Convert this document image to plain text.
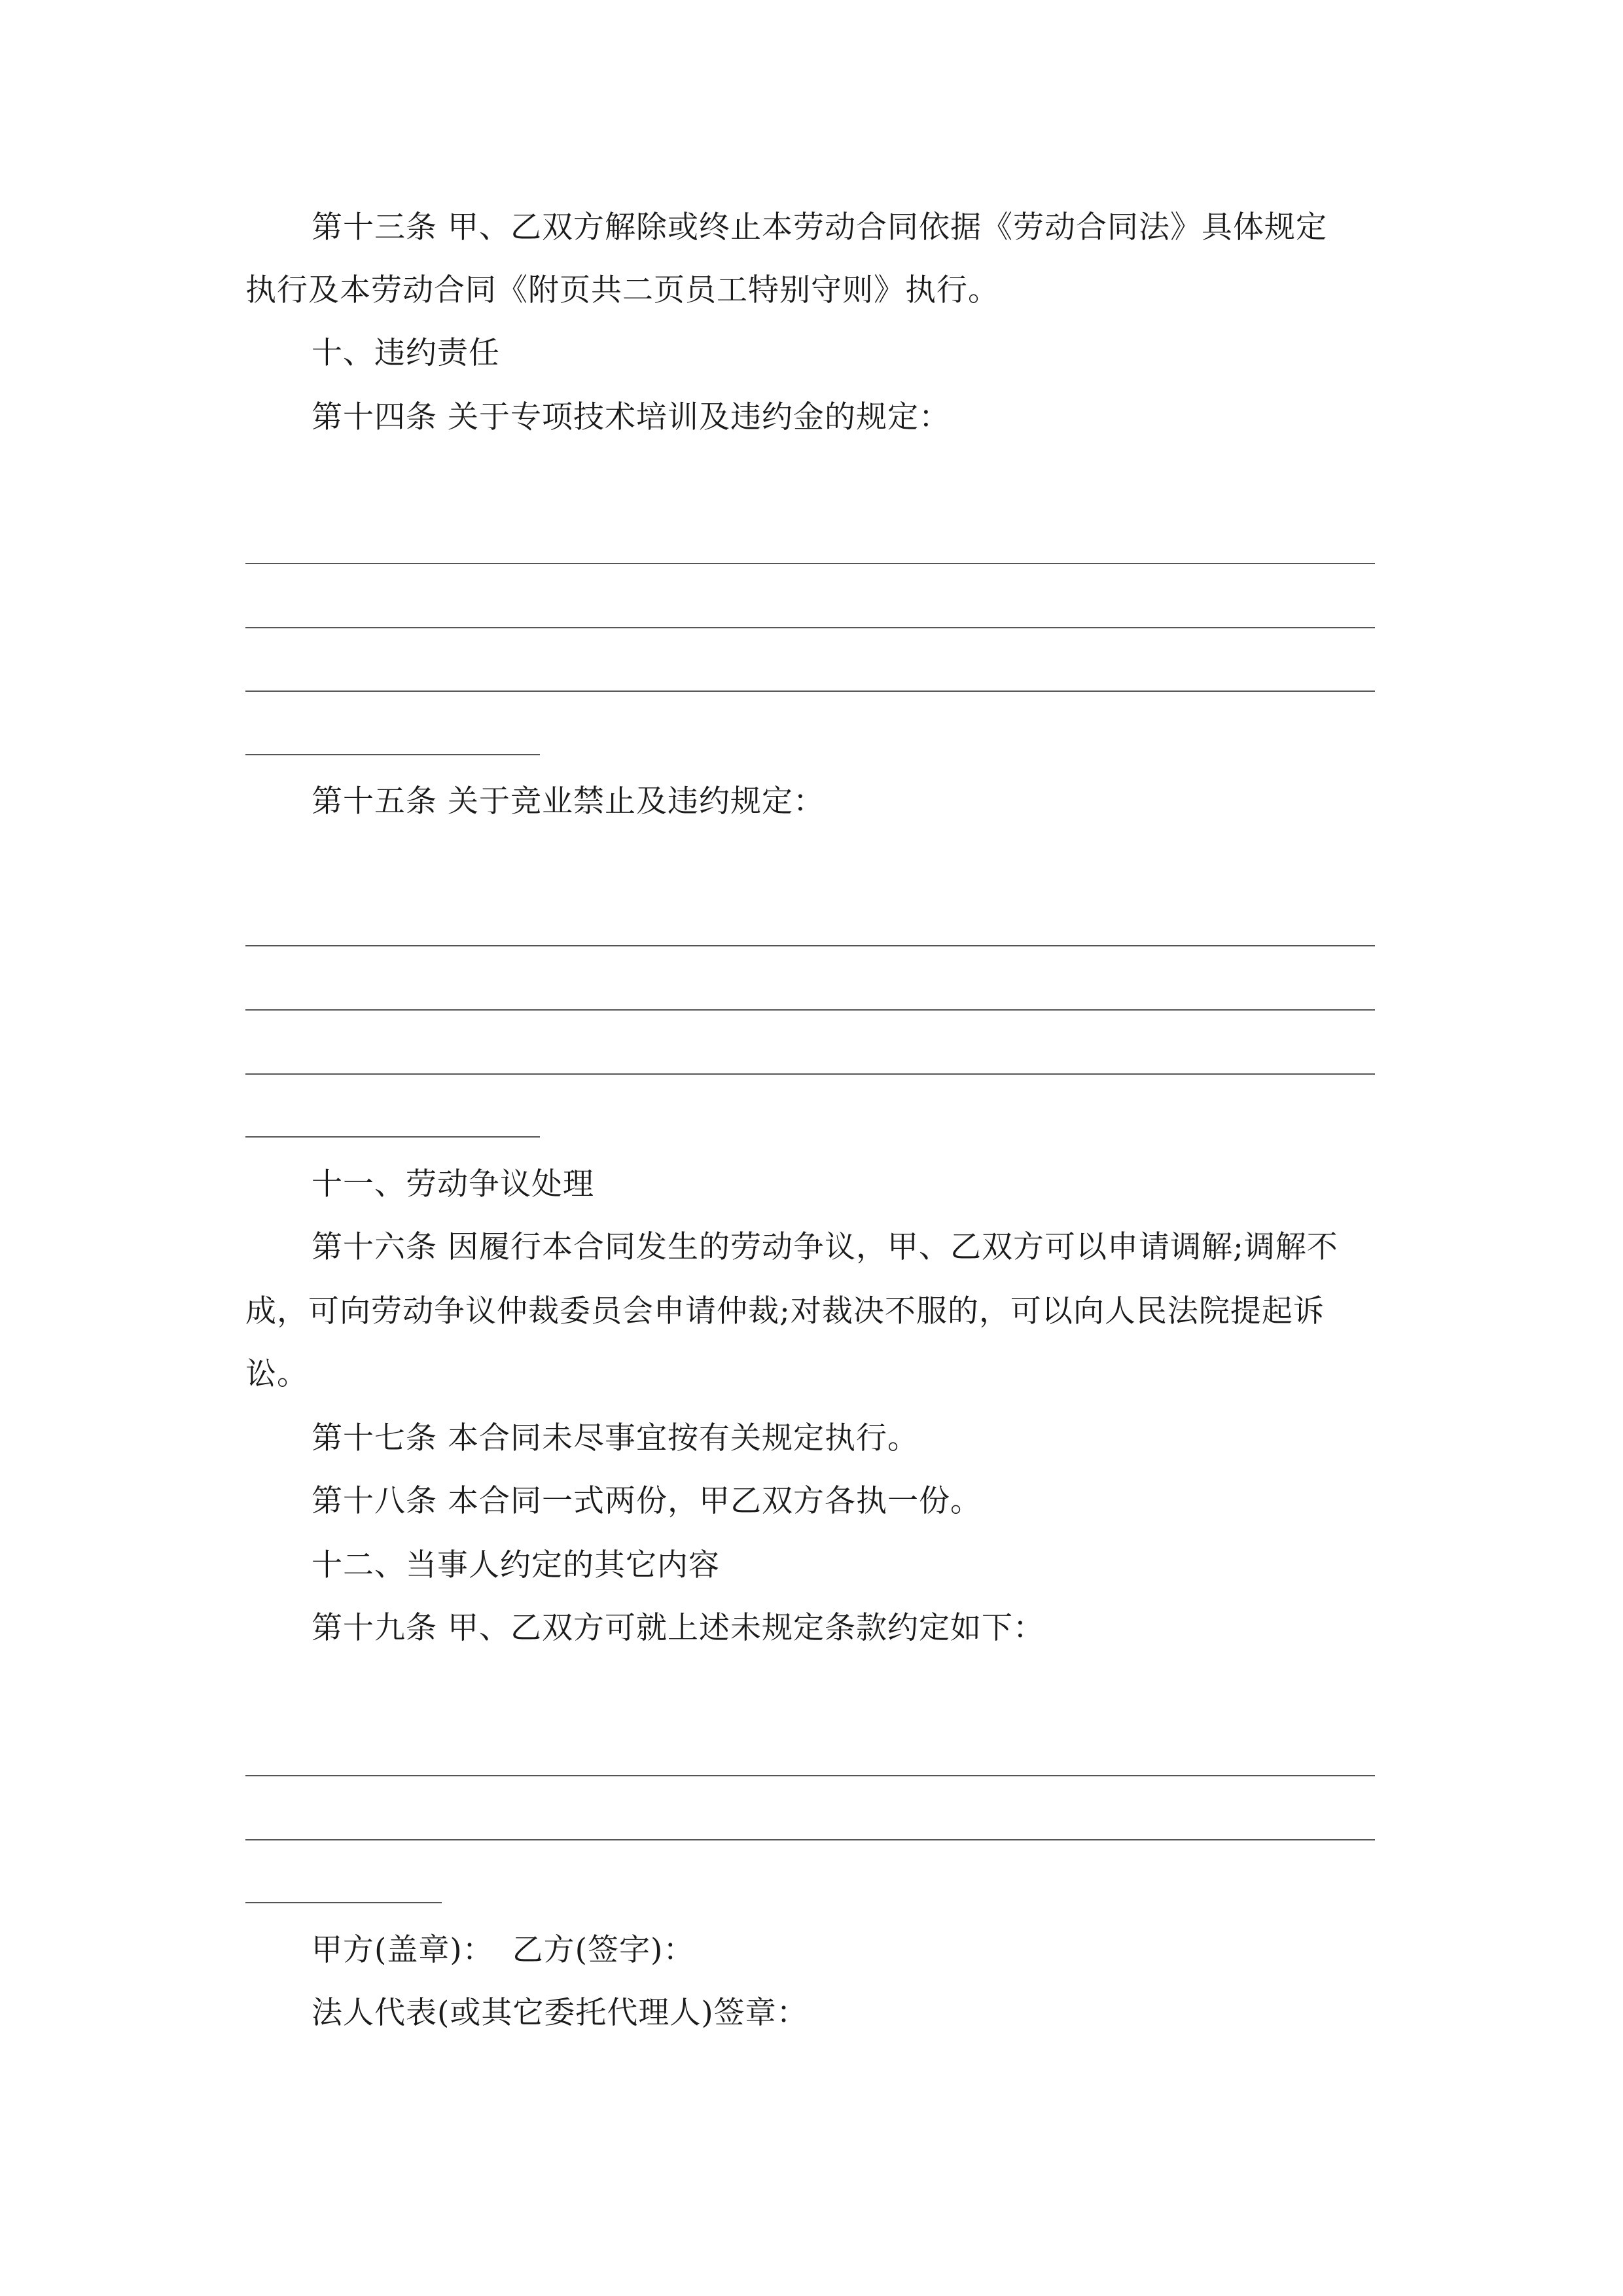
第十三条 甲、乙双方解除或终止本劳动合同依据《劳动合同法》具体规定
执行及本劳动合同《附页共二页员工特别守则》执行。
十、违约责任
第十四条 关于专项技术培训及违约金的规定：
第十五条 关于竞业禁止及违约规定：
十一、劳动争议处理
第十六条 因履行本合同发生的劳动争议，甲、乙双方可以申请调解;调解不
成，可向劳动争议仲裁委员会申请仲裁;对裁决不服的，可以向人民法院提起诉
讼。
第十七条 本合同未尽事宜按有关规定执行。
第十八条 本合同一式两份，甲乙双方各执一份。
十二、当事人约定的其它内容
第十九条 甲、乙双方可就上述未规定条款约定如下：
甲方(盖章)： 乙方(签字)：
法人代表(或其它委托代理人)签章：
